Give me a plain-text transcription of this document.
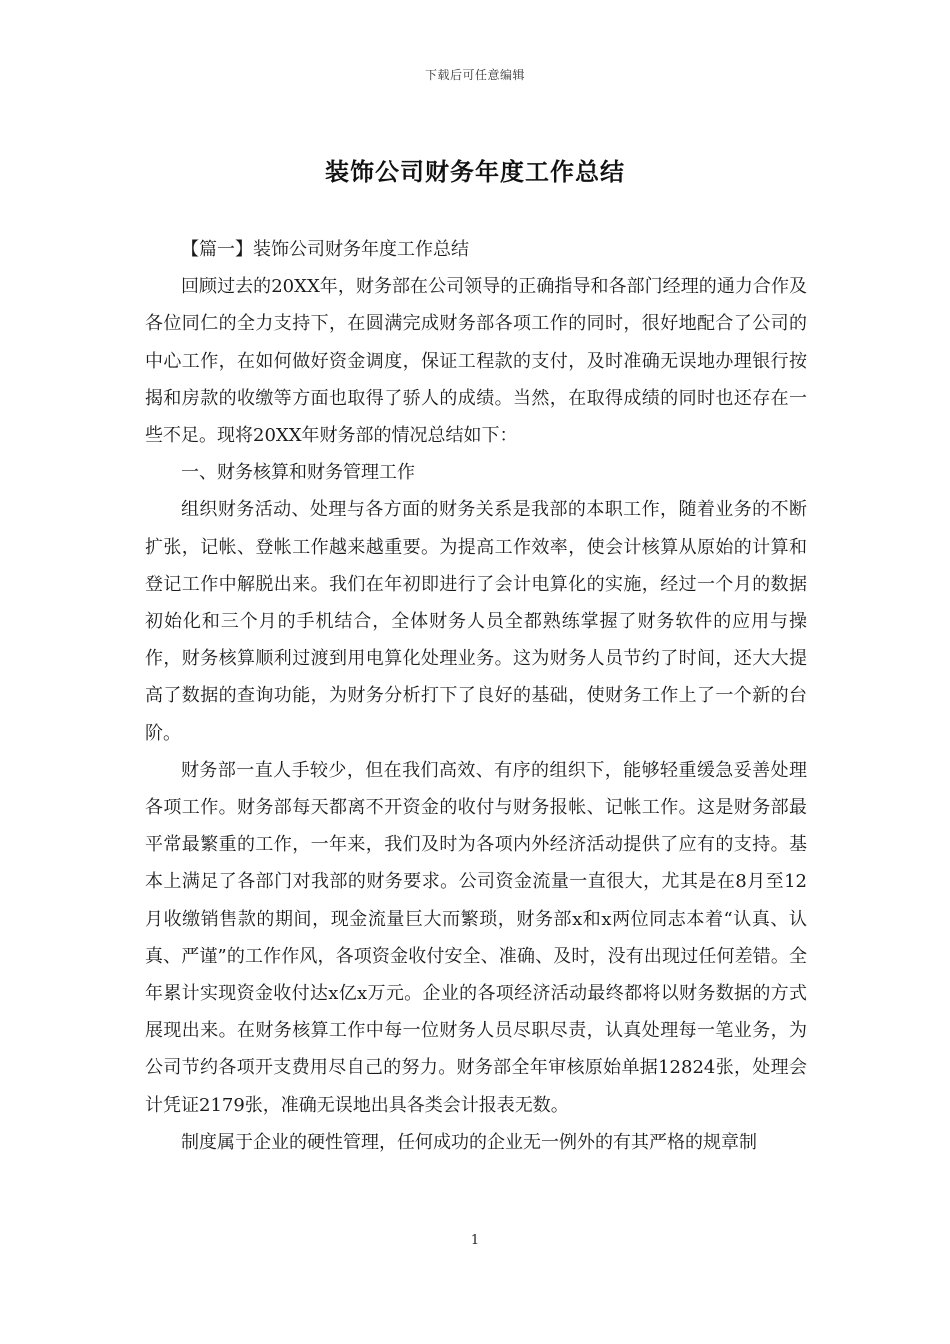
下载后可任意编辑
装饰公司财务年度工作总结

【篇一】装饰公司财务年度工作总结

回顾过去的20XX年，财务部在公司领导的正确指导和各部门经理的通力合作及各位同仁的全力支持下，在圆满完成财务部各项工作的同时，很好地配合了公司的中心工作，在如何做好资金调度，保证工程款的支付，及时准确无误地办理银行按揭和房款的收缴等方面也取得了骄人的成绩。当然，在取得成绩的同时也还存在一些不足。现将20XX年财务部的情况总结如下：

一、财务核算和财务管理工作

组织财务活动、处理与各方面的财务关系是我部的本职工作，随着业务的不断扩张，记帐、登帐工作越来越重要。为提高工作效率，使会计核算从原始的计算和登记工作中解脱出来。我们在年初即进行了会计电算化的实施，经过一个月的数据初始化和三个月的手机结合，全体财务人员全都熟练掌握了财务软件的应用与操作，财务核算顺利过渡到用电算化处理业务。这为财务人员节约了时间，还大大提高了数据的查询功能，为财务分析打下了良好的基础，使财务工作上了一个新的台阶。

财务部一直人手较少，但在我们高效、有序的组织下，能够轻重缓急妥善处理各项工作。财务部每天都离不开资金的收付与财务报帐、记帐工作。这是财务部最平常最繁重的工作，一年来，我们及时为各项内外经济活动提供了应有的支持。基本上满足了各部门对我部的财务要求。公司资金流量一直很大，尤其是在8月至12月收缴销售款的期间，现金流量巨大而繁琐，财务部x和x两位同志本着“认真、认真、严谨”的工作作风，各项资金收付安全、准确、及时，没有出现过任何差错。全年累计实现资金收付达x亿x万元。企业的各项经济活动最终都将以财务数据的方式展现出来。在财务核算工作中每一位财务人员尽职尽责，认真处理每一笔业务，为公司节约各项开支费用尽自己的努力。财务部全年审核原始单据12824张，处理会计凭证2179张，准确无误地出具各类会计报表无数。

制度属于企业的硬性管理，任何成功的企业无一例外的有其严格的规章制

1
